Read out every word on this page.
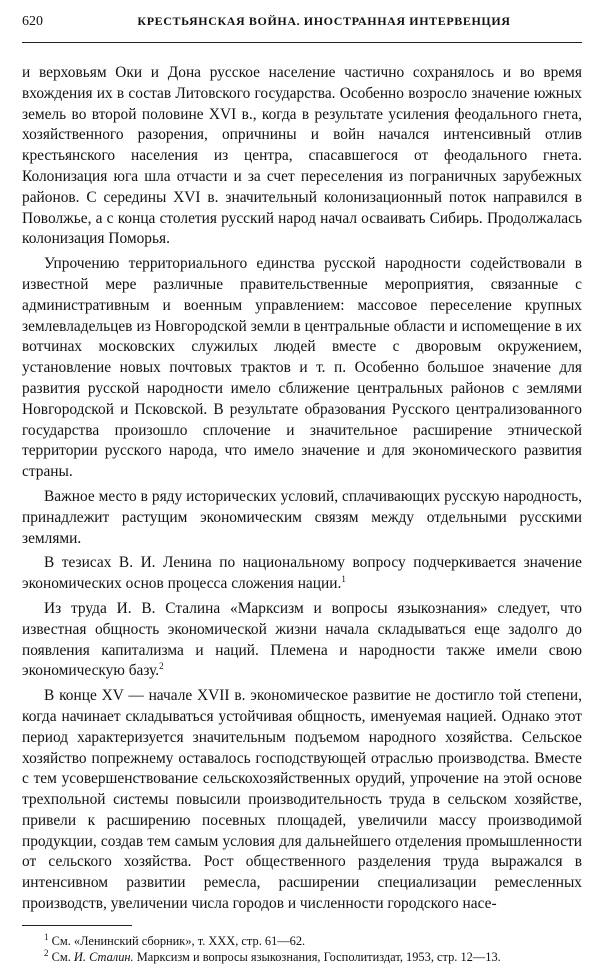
620	КРЕСТЬЯНСКАЯ ВОЙНА. ИНОСТРАННАЯ ИНТЕРВЕНЦИЯ

и верховьям Оки и Дона русское население частично сохранялось и во время вхождения их в состав Литовского государства. Особенно возросло значение южных земель во второй половине XVI в., когда в результате усиления феодального гнета, хозяйственного разорения, опричнины и войн начался интенсивный отлив крестьянского населения из центра, спасавшегося от феодального гнета. Колонизация юга шла отчасти и за счет переселения из пограничных зарубежных районов. С середины XVI в. значительный колонизационный поток направился в Поволжье, а с конца столетия русский народ начал осваивать Сибирь. Продолжалась колонизация Поморья.

Упрочению территориального единства русской народности содействовали в известной мере различные правительственные мероприятия, связанные с административным и военным управлением: массовое переселение крупных землевладельцев из Новгородской земли в центральные области и испомещение в их вотчинах московских служилых людей вместе с дворовым окружением, установление новых почтовых трактов и т. п. Особенно большое значение для развития русской народности имело сближение центральных районов с землями Новгородской и Псковской. В результате образования Русского централизованного государства произошло сплочение и значительное расширение этнической территории русского народа, что имело значение и для экономического развития страны.

Важное место в ряду исторических условий, сплачивающих русскую народность, принадлежит растущим экономическим связям между отдельными русскими землями.

В тезисах В. И. Ленина по национальному вопросу подчеркивается значение экономических основ процесса сложения нации.$^1$

Из труда И. В. Сталина «Марксизм и вопросы языкознания» следует, что известная общность экономической жизни начала складываться еще задолго до появления капитализма и наций. Племена и народности также имели свою экономическую базу.$^2$

В конце XV — начале XVII в. экономическое развитие не достигло той степени, когда начинает складываться устойчивая общность, именуемая нацией. Однако этот период характеризуется значительным подъемом народного хозяйства. Сельское хозяйство попрежнему оставалось господствующей отраслью производства. Вместе с тем усовершенствование сельскохозяйственных орудий, упрочение на этой основе трехпольной системы повысили производительность труда в сельском хозяйстве, привели к расширению посевных площадей, увеличили массу производимой продукции, создав тем самым условия для дальнейшего отделения промышленности от сельского хозяйства. Рост общественного разделения труда выражался в интенсивном развитии ремесла, расширении специализации ремесленных производств, увеличении числа городов и численности городского насе-

$^1$ См. «Ленинский сборник», т. XXX, стр. 61—62.

$^2$ См. И. Сталин. Марксизм и вопросы языкознания, Госполитиздат, 1953, стр. 12—13.
